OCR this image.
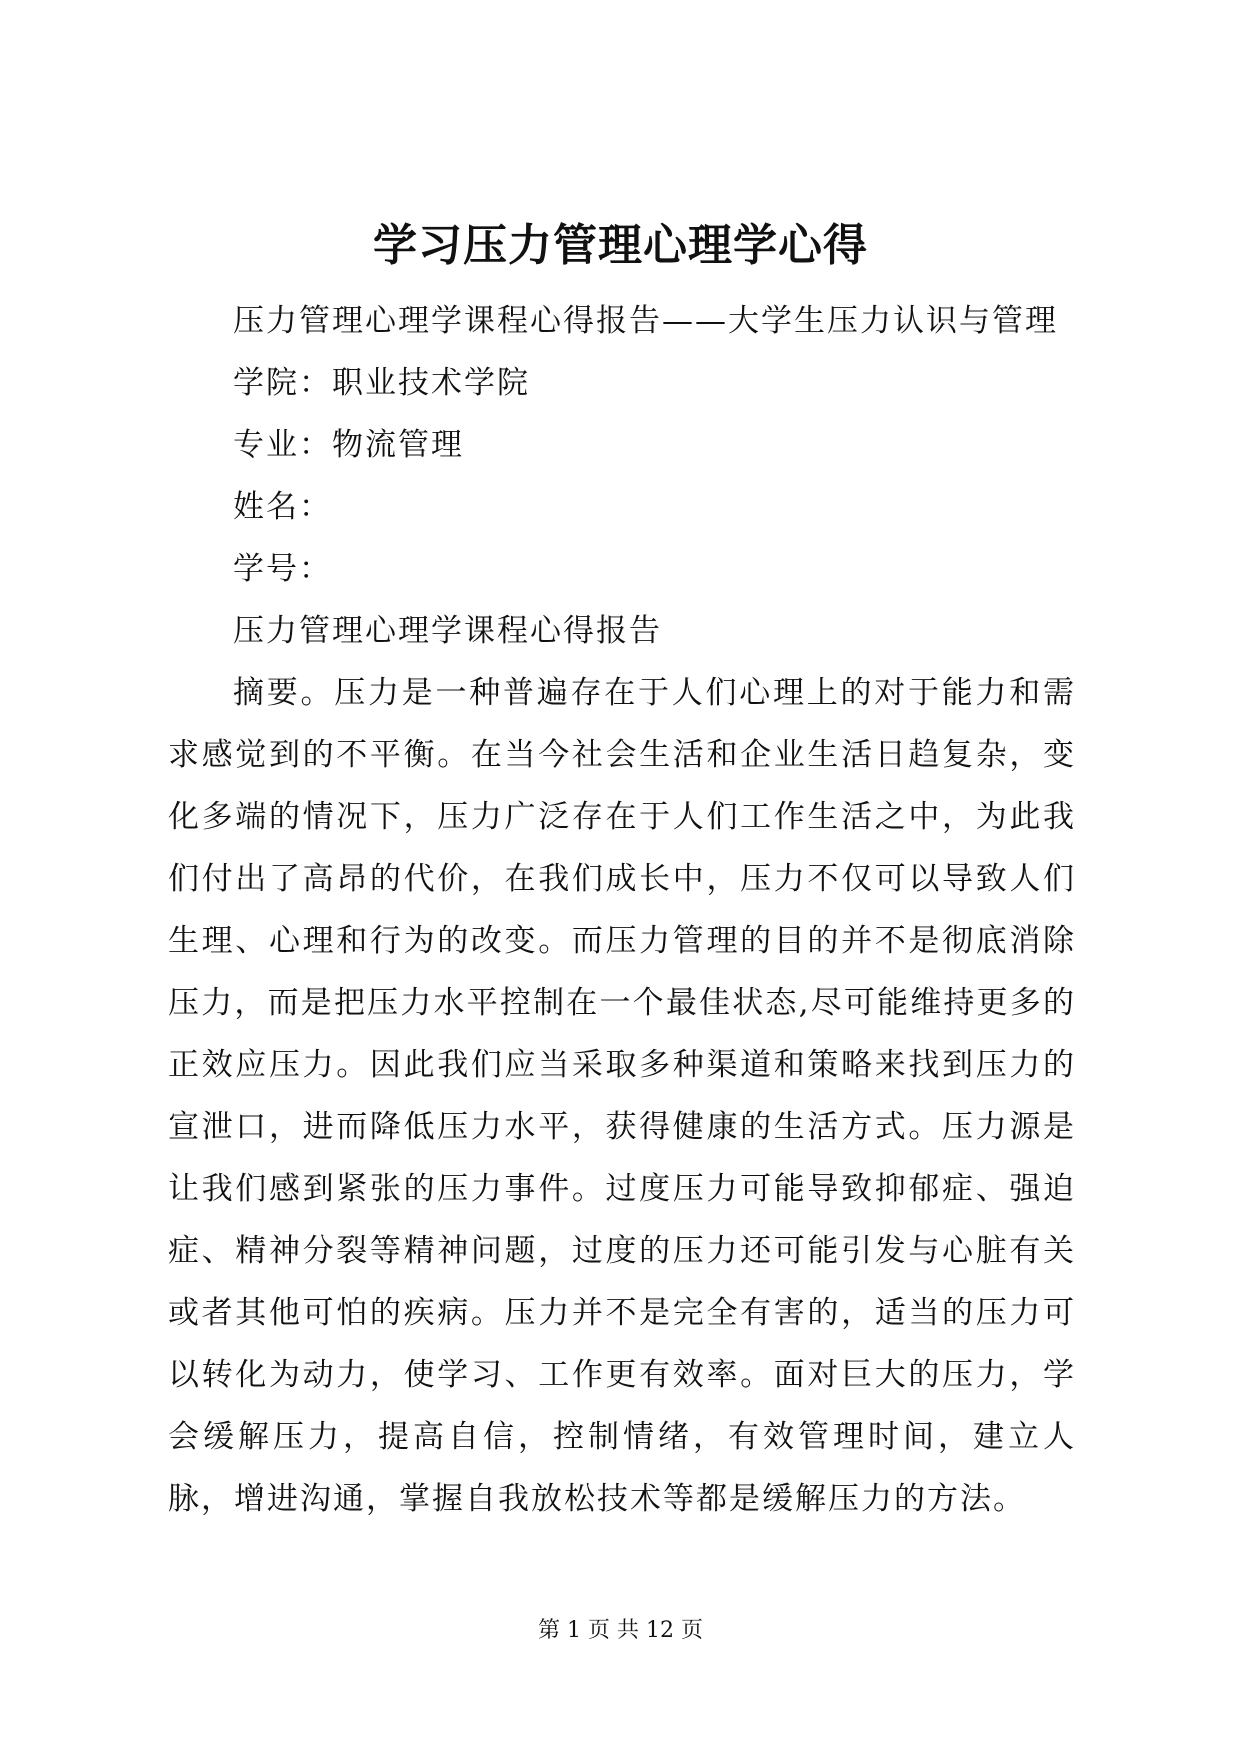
学习压力管理心理学心得
压力管理心理学课程心得报告——大学生压力认识与管理
学院：职业技术学院
专业：物流管理
姓名：
学号：
压力管理心理学课程心得报告

摘要。压力是一种普遍存在于人们心理上的对于能力和需求感觉到的不平衡。在当今社会生活和企业生活日趋复杂，变化多端的情况下，压力广泛存在于人们工作生活之中，为此我们付出了高昂的代价，在我们成长中，压力不仅可以导致人们生理、心理和行为的改变。而压力管理的目的并不是彻底消除压力，而是把压力水平控制在一个最佳状态,尽可能维持更多的正效应压力。因此我们应当采取多种渠道和策略来找到压力的宣泄口，进而降低压力水平，获得健康的生活方式。压力源是让我们感到紧张的压力事件。过度压力可能导致抑郁症、强迫症、精神分裂等精神问题，过度的压力还可能引发与心脏有关或者其他可怕的疾病。压力并不是完全有害的，适当的压力可以转化为动力，使学习、工作更有效率。面对巨大的压力，学会缓解压力，提高自信，控制情绪，有效管理时间，建立人脉，增进沟通，掌握自我放松技术等都是缓解压力的方法。

第 1 页 共 12 页
